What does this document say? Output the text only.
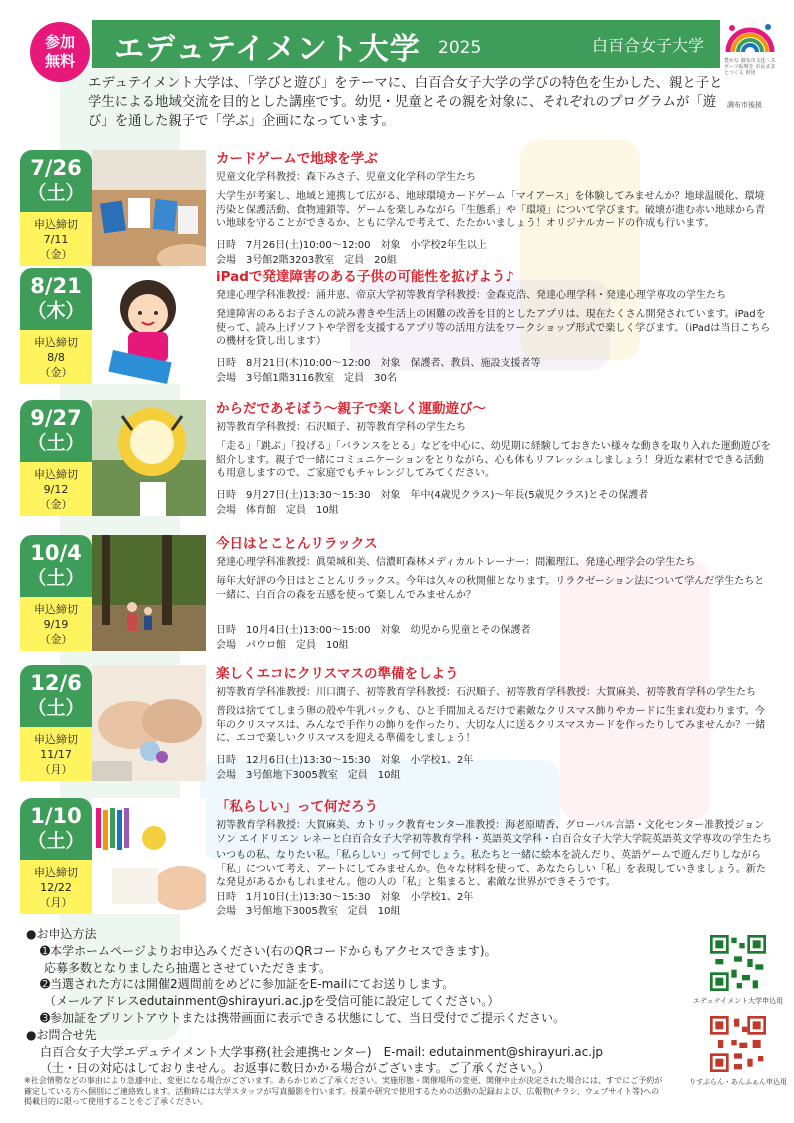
参加
無料	エデュテイメント大学 2025	白百合女子大学
豊かな 調布市文化・スポーツ振興を 市民ままとつくる 財団
調布市後援
エデュテイメント大学は、「学びと遊び」をテーマに、白百合女子大学の学びの特色を生かした、親と子と学生による地域交流を目的とした講座です。幼児・児童とその親を対象に、それぞれのプログラムが「遊び」を通した親子で「学ぶ」企画になっています。
7/26
（土）
申込締切
7/11
（金）
カードゲームで地球を学ぶ
児童文化学科教授：森下みさ子、児童文化学科の学生たち
大学生が考案し、地域と連携して広がる、地球環境カードゲーム「マイアース」を体験してみませんか？地球温暖化、環境汚染と保護活動、食物連鎖等、ゲームを楽しみながら「生態系」や「環境」について学びます。破壊が進む赤い地球から青い地球を守ることができるか、ともに学んで考えて、たたかいましょう！オリジナルカードの作成も行います。
日時　7月26日(土)10:00～12:00　対象　小学校2年生以上
会場　3号館2階3203教室　定員　20組
8/21
（木）
申込締切
8/8
（金）
iPadで発達障害のある子供の可能性を拡げよう♪
発達心理学科准教授：涌井恵、帝京大学初等教育学科教授：金森克浩、発達心理学科・発達心理学専攻の学生たち
発達障害のあるお子さんの読み書きや生活上の困難の改善を目的としたアプリは、現在たくさん開発されています。iPadを使って、読み上げソフトや学習を支援するアプリ等の活用方法をワークショップ形式で楽しく学びます。（iPadは当日こちらの機材を貸し出します）
日時　8月21日(木)10:00～12:00　対象　保護者、教員、施設支援者等
会場　3号館1階3116教室　定員　30名
9/27
（土）
申込締切
9/12
（金）
からだであそぼう～親子で楽しく運動遊び～
初等教育学科教授：石沢順子、初等教育学科の学生たち
「走る」「跳ぶ」「投げる」「バランスをとる」などを中心に、幼児期に経験しておきたい様々な動きを取り入れた運動遊びを紹介します。親子で一緒にコミュニケーションをとりながら、心も体もリフレッシュしましょう！身近な素材でできる活動も用意しますので、ご家庭でもチャレンジしてみてください。
日時　9月27日(土)13:30～15:30　対象　年中(4歳児クラス)～年長(5歳児クラス)とその保護者
会場　体育館　定員　10組
10/4
（土）
申込締切
9/19
（金）
今日はとことんリラックス
発達心理学科准教授：眞榮城和美、信濃町森林メディカルトレーナー：間瀬理江、発達心理学会の学生たち
毎年大好評の今日はとことんリラックス。今年は久々の秋開催となります。リラクゼーション法について学んだ学生たちと一緒に、白百合の森を五感を使って楽しんでみませんか？
日時　10月4日(土)13:00～15:00　対象　幼児から児童とその保護者
会場　パウロ館　定員　10組
12/6
（土）
申込締切
11/17
（月）
楽しくエコにクリスマスの準備をしよう
初等教育学科准教授：川口潤子、初等教育学科教授：石沢順子、初等教育学科教授：大賀麻美、初等教育学科の学生たち
普段は捨ててしまう卵の殻や牛乳パックも、ひと手間加えるだけで素敵なクリスマス飾りやカードに生まれ変わります。今年のクリスマスは、みんなで手作りの飾りを作ったり、大切な人に送るクリスマスカードを作ったりしてみませんか？一緒に、エコで楽しいクリスマスを迎える準備をしましょう！
日時　12月6日(土)13:30～15:30　対象　小学校1、2年
会場　3号館地下3005教室　定員　10組
1/10
（土）
申込締切
12/22
（月）
「私らしい」って何だろう
初等教育学科教授：大賀麻美、カトリック教育センター准教授：海老原晴香、グローバル言語・文化センター准教授ジョンソン エイドリエン レネーと白百合女子大学初等教育学科・英語英文学科・白百合女子大学大学院英語英文学専攻の学生たち
いつもの私、なりたい私。「私らしい」って何でしょう。私たちと一緒に絵本を読んだり、英語ゲームで遊んだりしながら「私」について考え、アートにしてみませんか。色々な材料を使って、あなたらしい「私」を表現していきましょう。新たな発見があるかもしれません。他の人の「私」と集まると、素敵な世界ができそうです。
日時　1月10日(土)13:30～15:30　対象　小学校1、2年
会場　3号館地下3005教室　定員　10組
●お申込方法
➊本学ホームページよりお申込みください(右のQRコードからもアクセスできます)。
応募多数となりましたら抽選とさせていただきます。
➋当選された方には開催2週間前をめどに参加証をE-mailにてお送りします。
（メールアドレスedutainment@shirayuri.ac.jpを受信可能に設定してください。）
➌参加証をプリントアウトまたは携帯画面に表示できる状態にして、当日受付でご提示ください。
●お問合せ先
白百合女子大学エデュテイメント大学事務(社会連携センター)　E-mail: edutainment@shirayuri.ac.jp
（土・日の対応はしておりません。お返事に数日かかる場合がございます。ご了承ください。）
※社会情勢などの事由により急遽中止、変更になる場合がございます。あらかじめご了承ください。実施形態・開催場所の変更、開催中止が決定された場合には、すでにご予約が確定している方へ個別にご連絡致します。活動時には大学スタッフが写真撮影を行います。授業や研究で使用するための活動の記録および、広報物(チラシ、ウェブサイト等)への掲載目的に限って使用することをご了承ください。
エデュテイメント大学申込用
りすぷらん・あんふぁん申込用
